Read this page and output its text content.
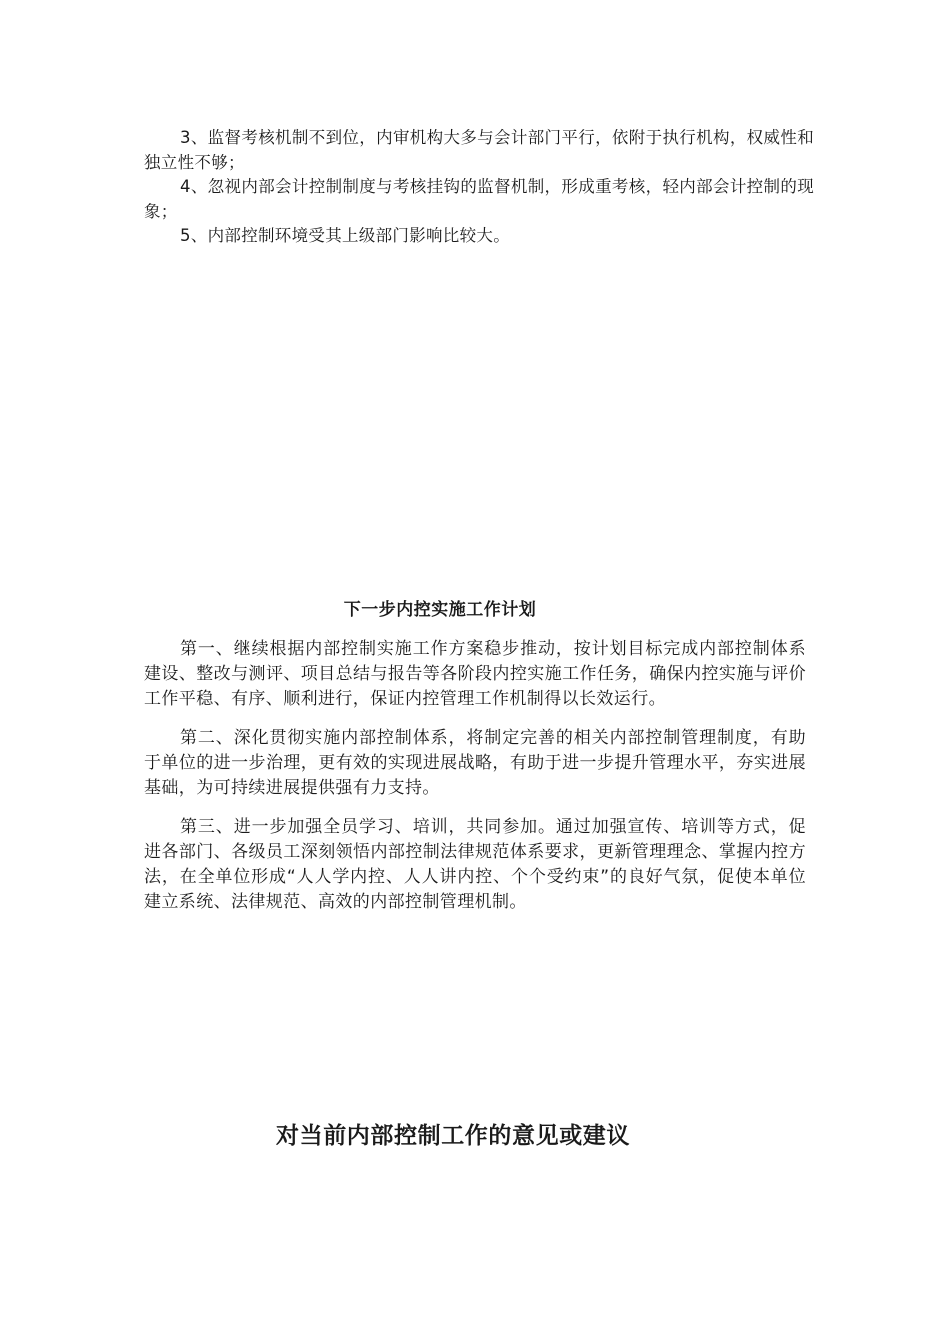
3、监督考核机制不到位，内审机构大多与会计部门平行，依附于执行机构，权威性和独立性不够；

4、忽视内部会计控制制度与考核挂钩的监督机制，形成重考核，轻内部会计控制的现象；

5、内部控制环境受其上级部门影响比较大。

下一步内控实施工作计划

第一、继续根据内部控制实施工作方案稳步推动，按计划目标完成内部控制体系建设、整改与测评、项目总结与报告等各阶段内控实施工作任务，确保内控实施与评价工作平稳、有序、顺利进行，保证内控管理工作机制得以长效运行。

第二、深化贯彻实施内部控制体系，将制定完善的相关内部控制管理制度，有助于单位的进一步治理，更有效的实现进展战略，有助于进一步提升管理水平，夯实进展基础，为可持续进展提供强有力支持。

第三、进一步加强全员学习、培训，共同参加。通过加强宣传、培训等方式，促进各部门、各级员工深刻领悟内部控制法律规范体系要求，更新管理理念、掌握内控方法，在全单位形成“人人学内控、人人讲内控、个个受约束”的良好气氛，促使本单位建立系统、法律规范、高效的内部控制管理机制。

对当前内部控制工作的意见或建议
